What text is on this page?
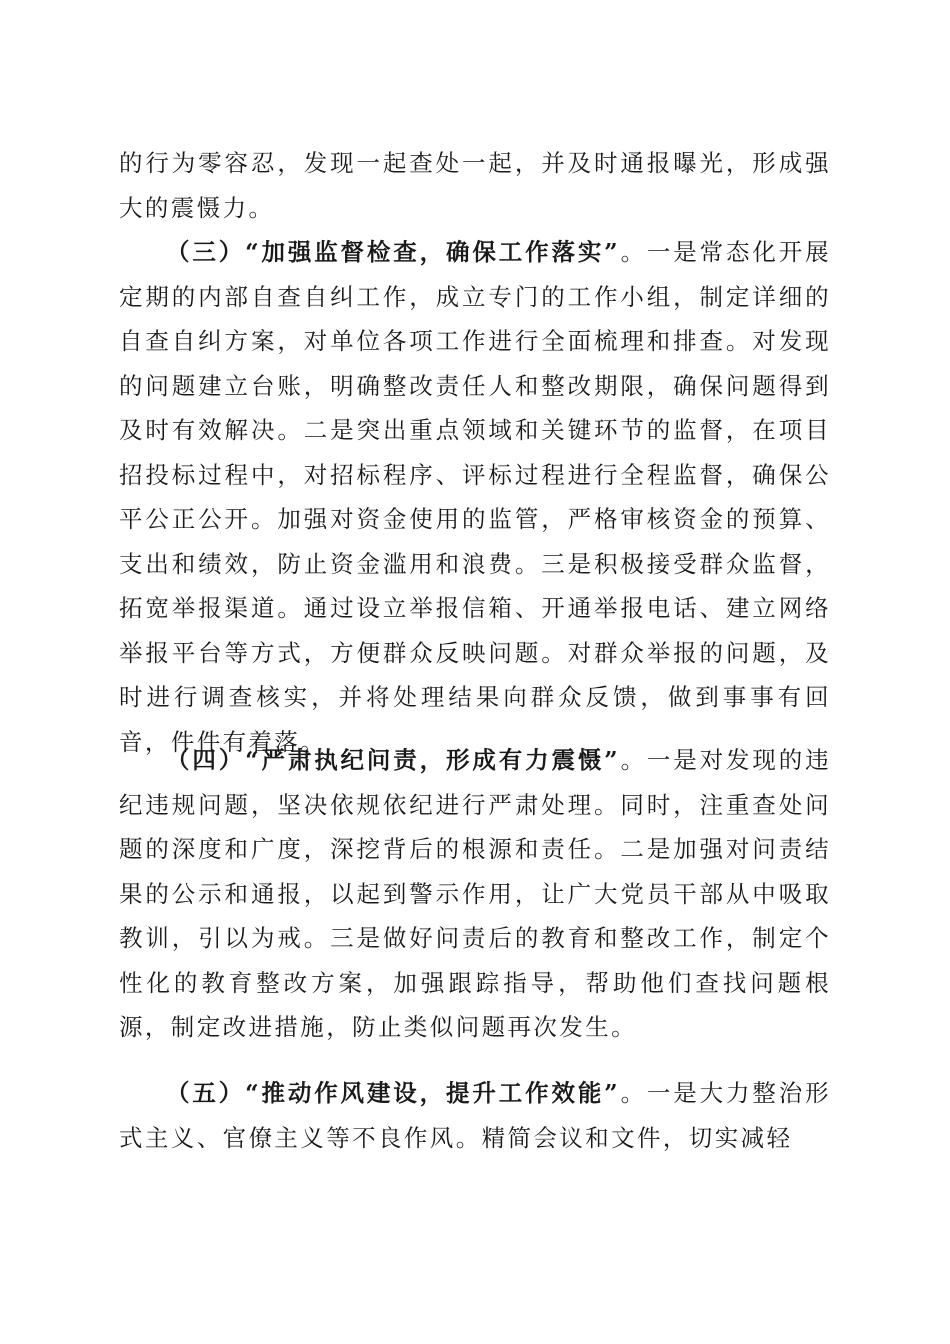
的行为零容忍，发现一起查处一起，并及时通报曝光，形成强大的震慑力。

（三）“加强监督检查，确保工作落实”。一是常态化开展定期的内部自查自纠工作，成立专门的工作小组，制定详细的自查自纠方案，对单位各项工作进行全面梳理和排查。对发现的问题建立台账，明确整改责任人和整改期限，确保问题得到及时有效解决。二是突出重点领域和关键环节的监督，在项目招投标过程中，对招标程序、评标过程进行全程监督，确保公平公正公开。加强对资金使用的监管，严格审核资金的预算、支出和绩效，防止资金滥用和浪费。三是积极接受群众监督，拓宽举报渠道。通过设立举报信箱、开通举报电话、建立网络举报平台等方式，方便群众反映问题。对群众举报的问题，及时进行调查核实，并将处理结果向群众反馈，做到事事有回音，件件有着落。

（四）“严肃执纪问责，形成有力震慑”。一是对发现的违纪违规问题，坚决依规依纪进行严肃处理。同时，注重查处问题的深度和广度，深挖背后的根源和责任。二是加强对问责结果的公示和通报，以起到警示作用，让广大党员干部从中吸取教训，引以为戒。三是做好问责后的教育和整改工作，制定个性化的教育整改方案，加强跟踪指导，帮助他们查找问题根源，制定改进措施，防止类似问题再次发生。

（五）“推动作风建设，提升工作效能”。一是大力整治形式主义、官僚主义等不良作风。精简会议和文件，切实减轻
